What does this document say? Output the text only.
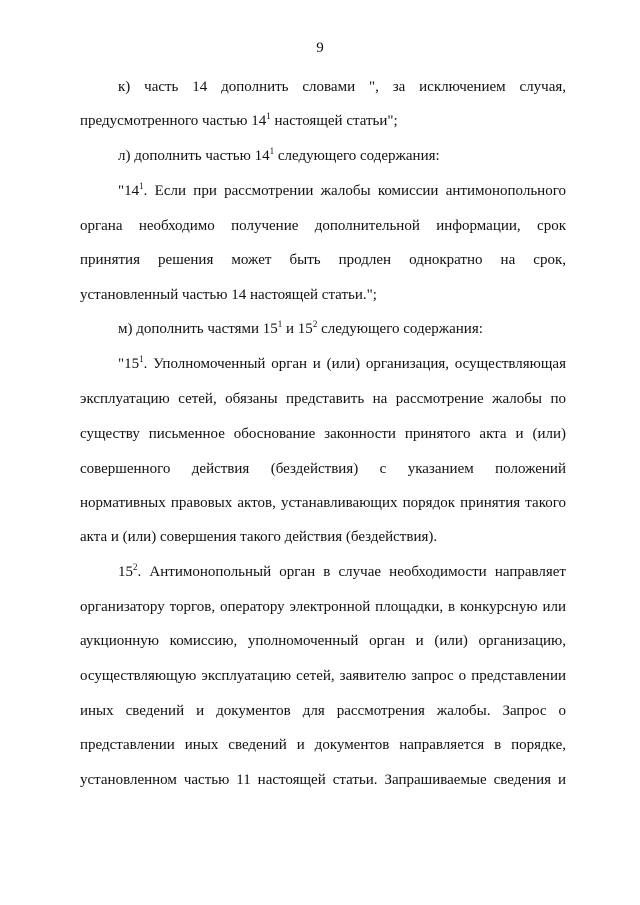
9
к) часть 14 дополнить словами ", за исключением случая,
предусмотренного частью $14^1$ настоящей статьи";
л) дополнить частью $14^1$ следующего содержания:
"$14^1$. Если при рассмотрении жалобы комиссии антимонопольного
органа необходимо получение дополнительной информации, срок
принятия решения может быть продлен однократно на срок,
установленный частью 14 настоящей статьи.";
м) дополнить частями $15^1$ и $15^2$ следующего содержания:
"$15^1$. Уполномоченный орган и (или) организация, осуществляющая
эксплуатацию сетей, обязаны представить на рассмотрение жалобы по
существу письменное обоснование законности принятого акта и (или)
совершенного действия (бездействия) с указанием положений
нормативных правовых актов, устанавливающих порядок принятия такого
акта и (или) совершения такого действия (бездействия).
$15^2$. Антимонопольный орган в случае необходимости направляет
организатору торгов, оператору электронной площадки, в конкурсную или
аукционную комиссию, уполномоченный орган и (или) организацию,
осуществляющую эксплуатацию сетей, заявителю запрос о представлении
иных сведений и документов для рассмотрения жалобы. Запрос о
представлении иных сведений и документов направляется в порядке,
установленном частью 11 настоящей статьи. Запрашиваемые сведения и
